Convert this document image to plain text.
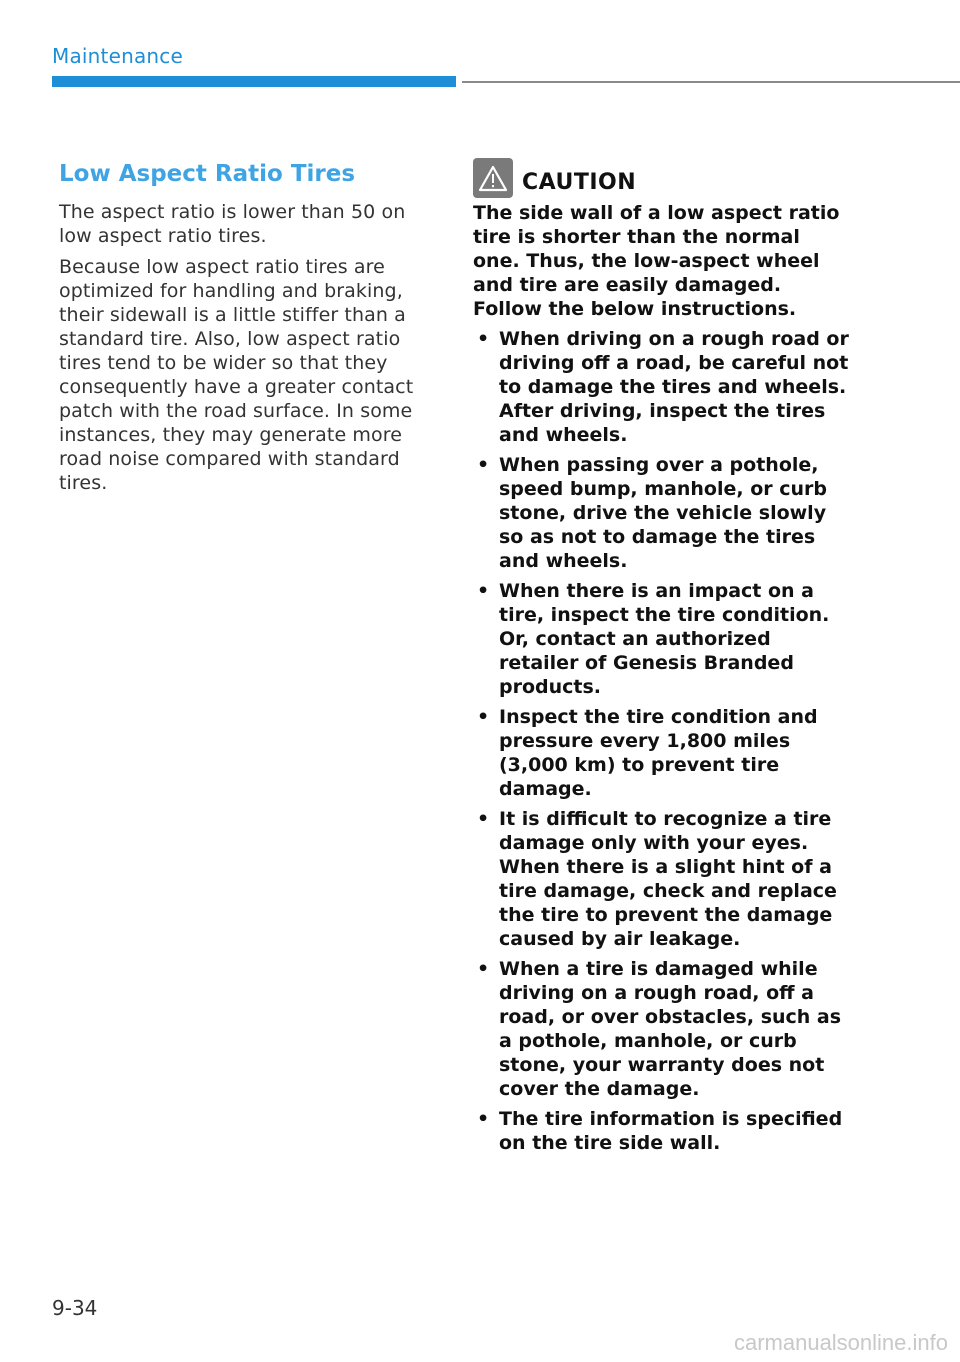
Maintenance
Low Aspect Ratio Tires

The aspect ratio is lower than 50 on low aspect ratio tires.

Because low aspect ratio tires are optimized for handling and braking, their sidewall is a little stiffer than a standard tire. Also, low aspect ratio tires tend to be wider so that they consequently have a greater contact patch with the road surface. In some instances, they may generate more road noise compared with standard tires.

CAUTION

The side wall of a low aspect ratio tire is shorter than the normal one. Thus, the low-aspect wheel and tire are easily damaged. Follow the below instructions.

• When driving on a rough road or driving off a road, be careful not to damage the tires and wheels. After driving, inspect the tires and wheels.
• When passing over a pothole, speed bump, manhole, or curb stone, drive the vehicle slowly so as not to damage the tires and wheels.
• When there is an impact on a tire, inspect the tire condition. Or, contact an authorized retailer of Genesis Branded products.
• Inspect the tire condition and pressure every 1,800 miles (3,000 km) to prevent tire damage.
• It is difficult to recognize a tire damage only with your eyes. When there is a slight hint of a tire damage, check and replace the tire to prevent the damage caused by air leakage.
• When a tire is damaged while driving on a rough road, off a road, or over obstacles, such as a pothole, manhole, or curb stone, your warranty does not cover the damage.
• The tire information is specified on the tire side wall.
9-34
carmanualsonline.info
